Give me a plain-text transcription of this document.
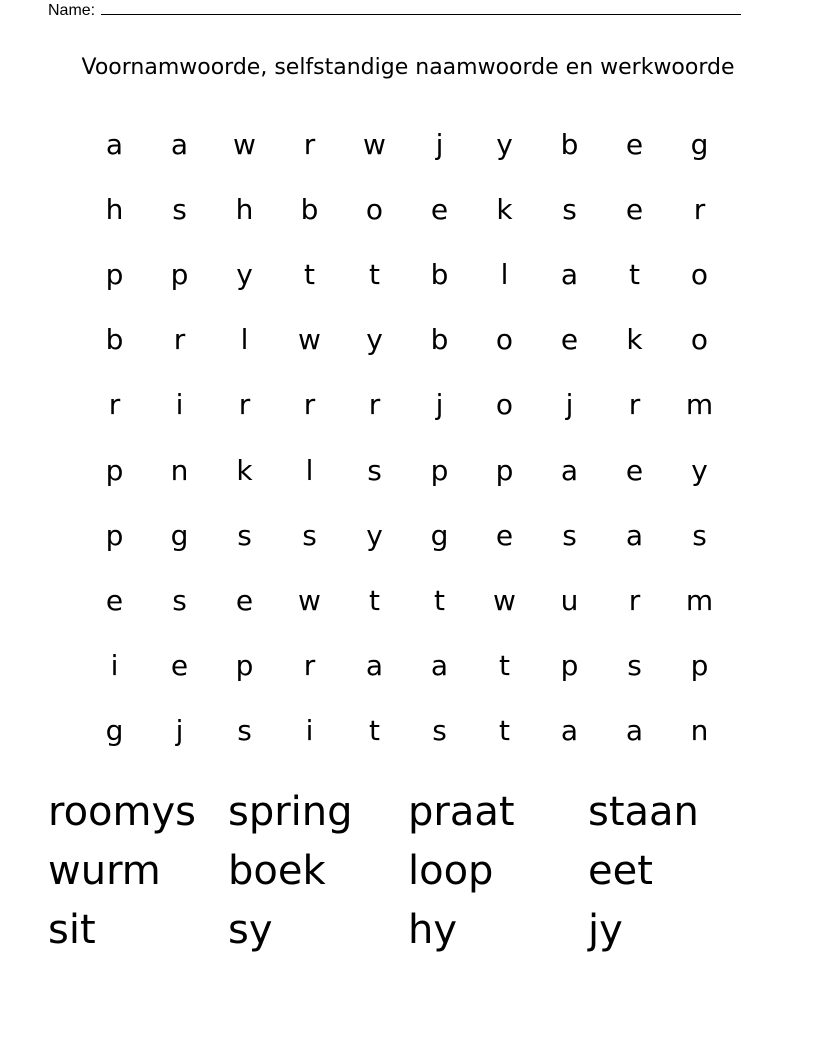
Name:
Voornamwoorde, selfstandige naamwoorde en werkwoorde
a	a	w	r	w	j	y	b	e	g
h	s	h	b	o	e	k	s	e	r
p	p	y	t	t	b	l	a	t	o
b	r	l	w	y	b	o	e	k	o
r	i	r	r	r	j	o	j	r	m
p	n	k	l	s	p	p	a	e	y
p	g	s	s	y	g	e	s	a	s
e	s	e	w	t	t	w	u	r	m
i	e	p	r	a	a	t	p	s	p
g	j	s	i	t	s	t	a	a	n
roomys spring	praat	staan
wurm	boek	loop	eet
sit	sy	hy	jy
